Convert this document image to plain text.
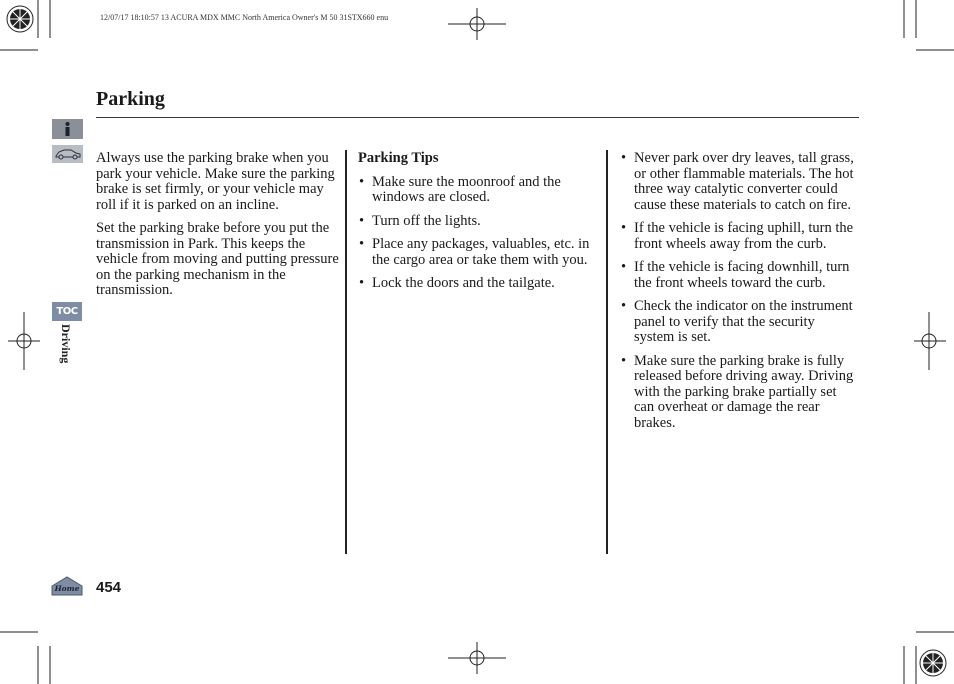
12/07/17 18:10:57 13 ACURA MDX MMC North America Owner's M 50 31STX660 enu
Parking
TOC
Driving

Always use the parking brake when you park your vehicle. Make sure the parking brake is set firmly, or your vehicle may roll if it is parked on an incline.

Set the parking brake before you put the transmission in Park. This keeps the vehicle from moving and putting pressure on the parking mechanism in the transmission.

Parking Tips

• Make sure the moonroof and the windows are closed.
• Turn off the lights.
• Place any packages, valuables, etc. in the cargo area or take them with you.
• Lock the doors and the tailgate.
• Never park over dry leaves, tall grass, or other flammable materials. The hot three way catalytic converter could cause these materials to catch on fire.
• If the vehicle is facing uphill, turn the front wheels away from the curb.
• If the vehicle is facing downhill, turn the front wheels toward the curb.
• Check the indicator on the instrument panel to verify that the security system is set.
• Make sure the parking brake is fully released before driving away. Driving with the parking brake partially set can overheat or damage the rear brakes.
Home 454
